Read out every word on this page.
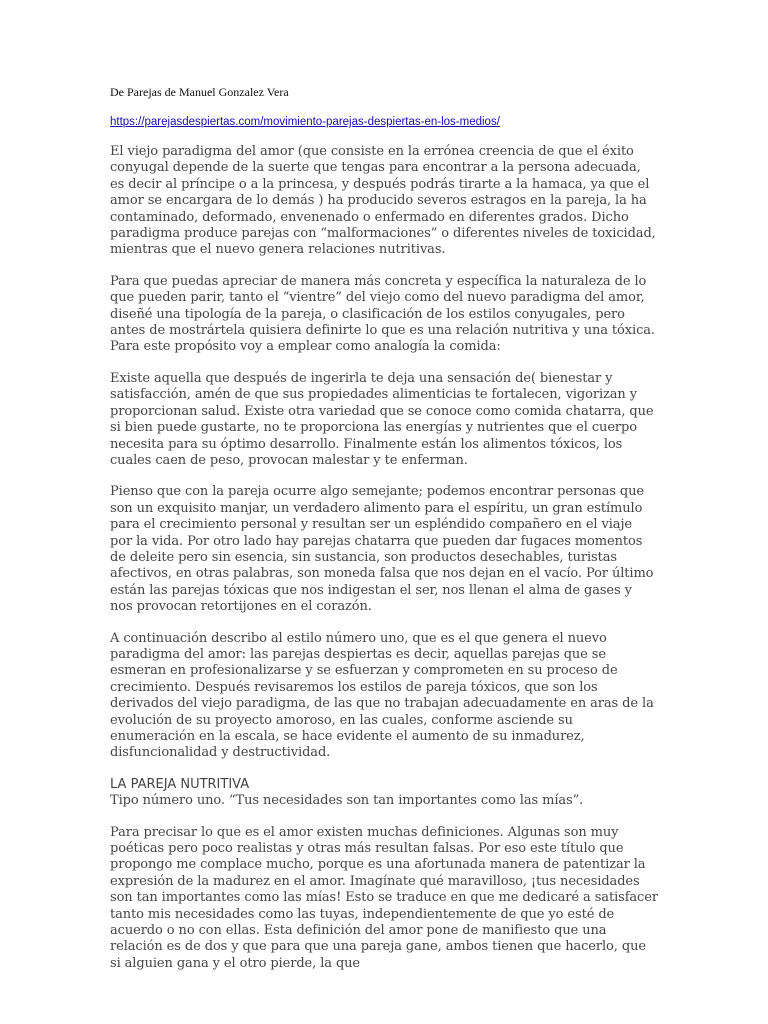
De Parejas de Manuel Gonzalez Vera

https://parejasdespiertas.com/movimiento-parejas-despiertas-en-los-medios/

El viejo paradigma del amor (que consiste en la errónea creencia de que el éxito conyugal depende de la suerte que tengas para encontrar a la persona adecuada, es decir al príncipe o a la princesa, y después podrás tirarte a la hamaca, ya que el amor se encargara de lo demás ) ha producido severos estragos en la pareja, la ha contaminado, deformado, envenenado o enfermado en diferentes grados. Dicho paradigma produce parejas con “malformaciones” o diferentes niveles de toxicidad, mientras que el nuevo genera relaciones nutritivas.

Para que puedas apreciar de manera más concreta y específica la naturaleza de lo que pueden parir, tanto el “vientre” del viejo como del nuevo paradigma del amor, diseñé una tipología de la pareja, o clasificación de los estilos conyugales, pero antes de mostrártela quisiera definirte lo que es una relación nutritiva y una tóxica. Para este propósito voy a emplear como analogía la comida:

Existe aquella que después de ingerirla te deja una sensación de( bienestar y satisfacción, amén de que sus propiedades alimenticias te fortalecen, vigorizan y proporcionan salud. Existe otra variedad que se conoce como comida chatarra, que si bien puede gustarte, no te proporciona las energías y nutrientes que el cuerpo necesita para su óptimo desarrollo. Finalmente están los alimentos tóxicos, los cuales caen de peso, provocan malestar y te enferman.

Pienso que con la pareja ocurre algo semejante; podemos encontrar personas que son un exquisito manjar, un verdadero alimento para el espíritu, un gran estímulo para el crecimiento personal y resultan ser un espléndido compañero en el viaje por la vida. Por otro lado hay parejas chatarra que pueden dar fugaces momentos de deleite pero sin esencia, sin sustancia, son productos desechables, turistas afectivos, en otras palabras, son moneda falsa que nos dejan en el vacío. Por último están las parejas tóxicas que nos indigestan el ser, nos llenan el alma de gases y nos provocan retortijones en el corazón.

A continuación describo al estilo número uno, que es el que genera el nuevo paradigma del amor: las parejas despiertas es decir, aquellas parejas que se esmeran en profesionalizarse y se esfuerzan y comprometen en su proceso de crecimiento. Después revisaremos los estilos de pareja tóxicos, que son los derivados del viejo paradigma, de las que no trabajan adecuadamente en aras de la evolución de su proyecto amoroso, en las cuales, conforme asciende su enumeración en la escala, se hace evidente el aumento de su inmadurez, disfuncionalidad y destructividad.

LA PAREJA NUTRITIVA

Tipo número uno. “Tus necesidades son tan importantes como las mías”.

Para precisar lo que es el amor existen muchas definiciones. Algunas son muy poéticas pero poco realistas y otras más resultan falsas. Por eso este título que propongo me complace mucho, porque es una afortunada manera de patentizar la expresión de la madurez en el amor. Imagínate qué maravilloso, ¡tus necesidades son tan importantes como las mías! Esto se traduce en que me dedicaré a satisfacer tanto mis necesidades como las tuyas, independientemente de que yo esté de acuerdo o no con ellas. Esta definición del amor pone de manifiesto que una relación es de dos y que para que una pareja gane, ambos tienen que hacerlo, que si alguien gana y el otro pierde, la que
